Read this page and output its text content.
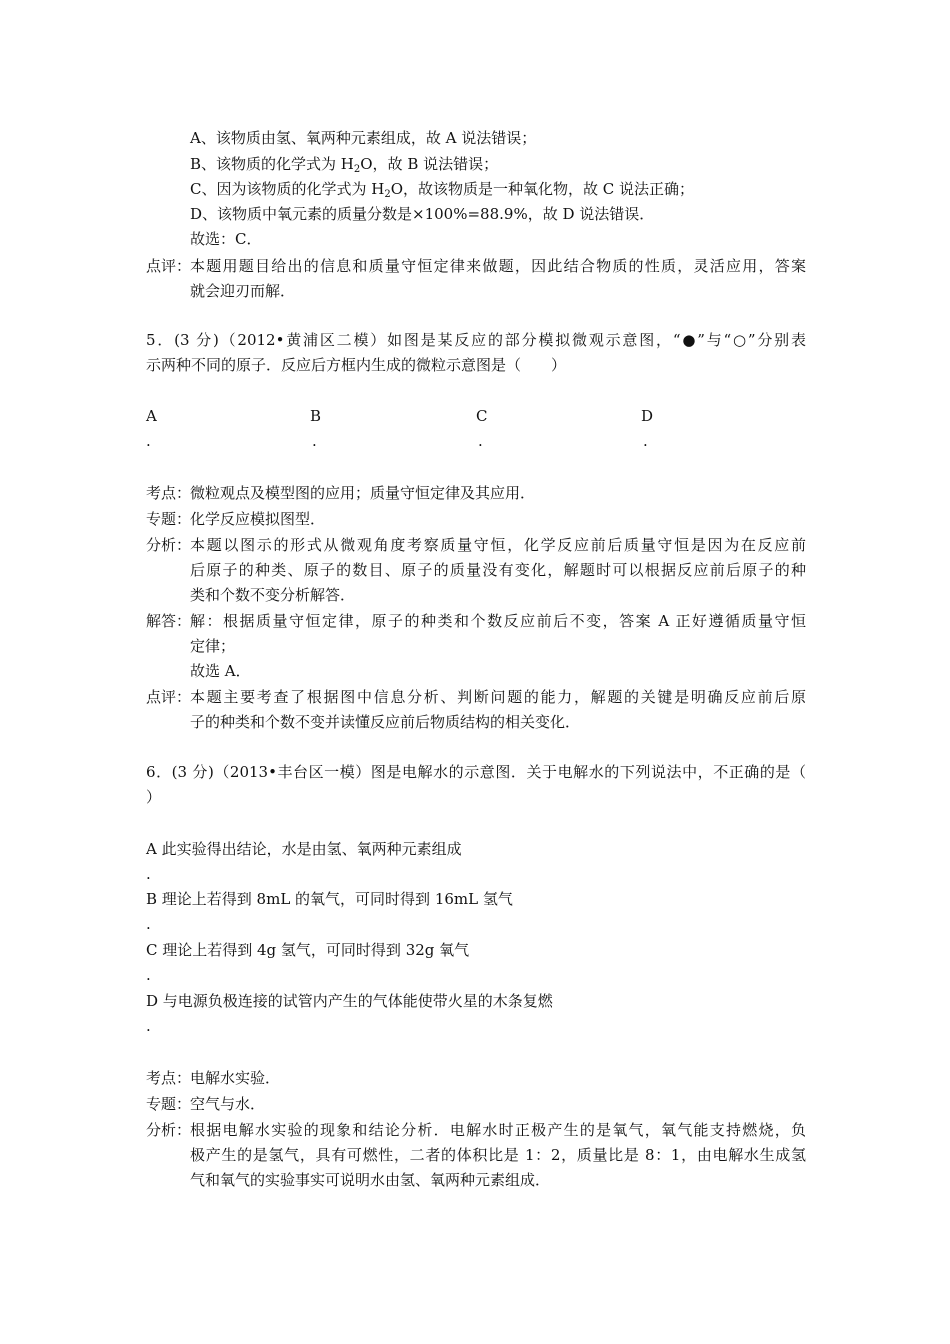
A、该物质由氢、氧两种元素组成，故 A 说法错误；
B、该物质的化学式为 $H_2O$，故 B 说法错误；
C、因为该物质的化学式为 $H_2O$，故该物质是一种氧化物，故 C 说法正确；
D、该物质中氧元素的质量分数是×100%=88.9%，故 D 说法错误．
故选：C．
点评：
本题用题目给出的信息和质量守恒定律来做题，因此结合物质的性质，灵活应用，答案
就会迎刃而解．
5．(3 分)（2012•黄浦区二模）如图是某反应的部分模拟微观示意图，“●”与“○”分别表
示两种不同的原子．反应后方框内生成的微粒示意图是（　　）
A
.
B
.
C
.
D
.
考点：
微粒观点及模型图的应用；质量守恒定律及其应用．
专题：
化学反应模拟图型．
分析：
本题以图示的形式从微观角度考察质量守恒，化学反应前后质量守恒是因为在反应前
后原子的种类、原子的数目、原子的质量没有变化，解题时可以根据反应前后原子的种
类和个数不变分析解答．
解答：
解：根据质量守恒定律，原子的种类和个数反应前后不变，答案 A 正好遵循质量守恒
定律；
故选 A．
点评：
本题主要考查了根据图中信息分析、判断问题的能力，解题的关键是明确反应前后原
子的种类和个数不变并读懂反应前后物质结构的相关变化．
6．(3 分)（2013•丰台区一模）图是电解水的示意图．关于电解水的下列说法中，不正确的是（
）
A 此实验得出结论，水是由氢、氧两种元素组成
.
B 理论上若得到 8mL 的氧气，可同时得到 16mL 氢气
.
C 理论上若得到 4g 氢气，可同时得到 32g 氧气
.
D 与电源负极连接的试管内产生的气体能使带火星的木条复燃
.
考点：
电解水实验．
专题：
空气与水．
分析：
根据电解水实验的现象和结论分析．电解水时正极产生的是氧气，氧气能支持燃烧，负
极产生的是氢气，具有可燃性，二者的体积比是 1：2，质量比是 8：1，由电解水生成氢
气和氧气的实验事实可说明水由氢、氧两种元素组成．
